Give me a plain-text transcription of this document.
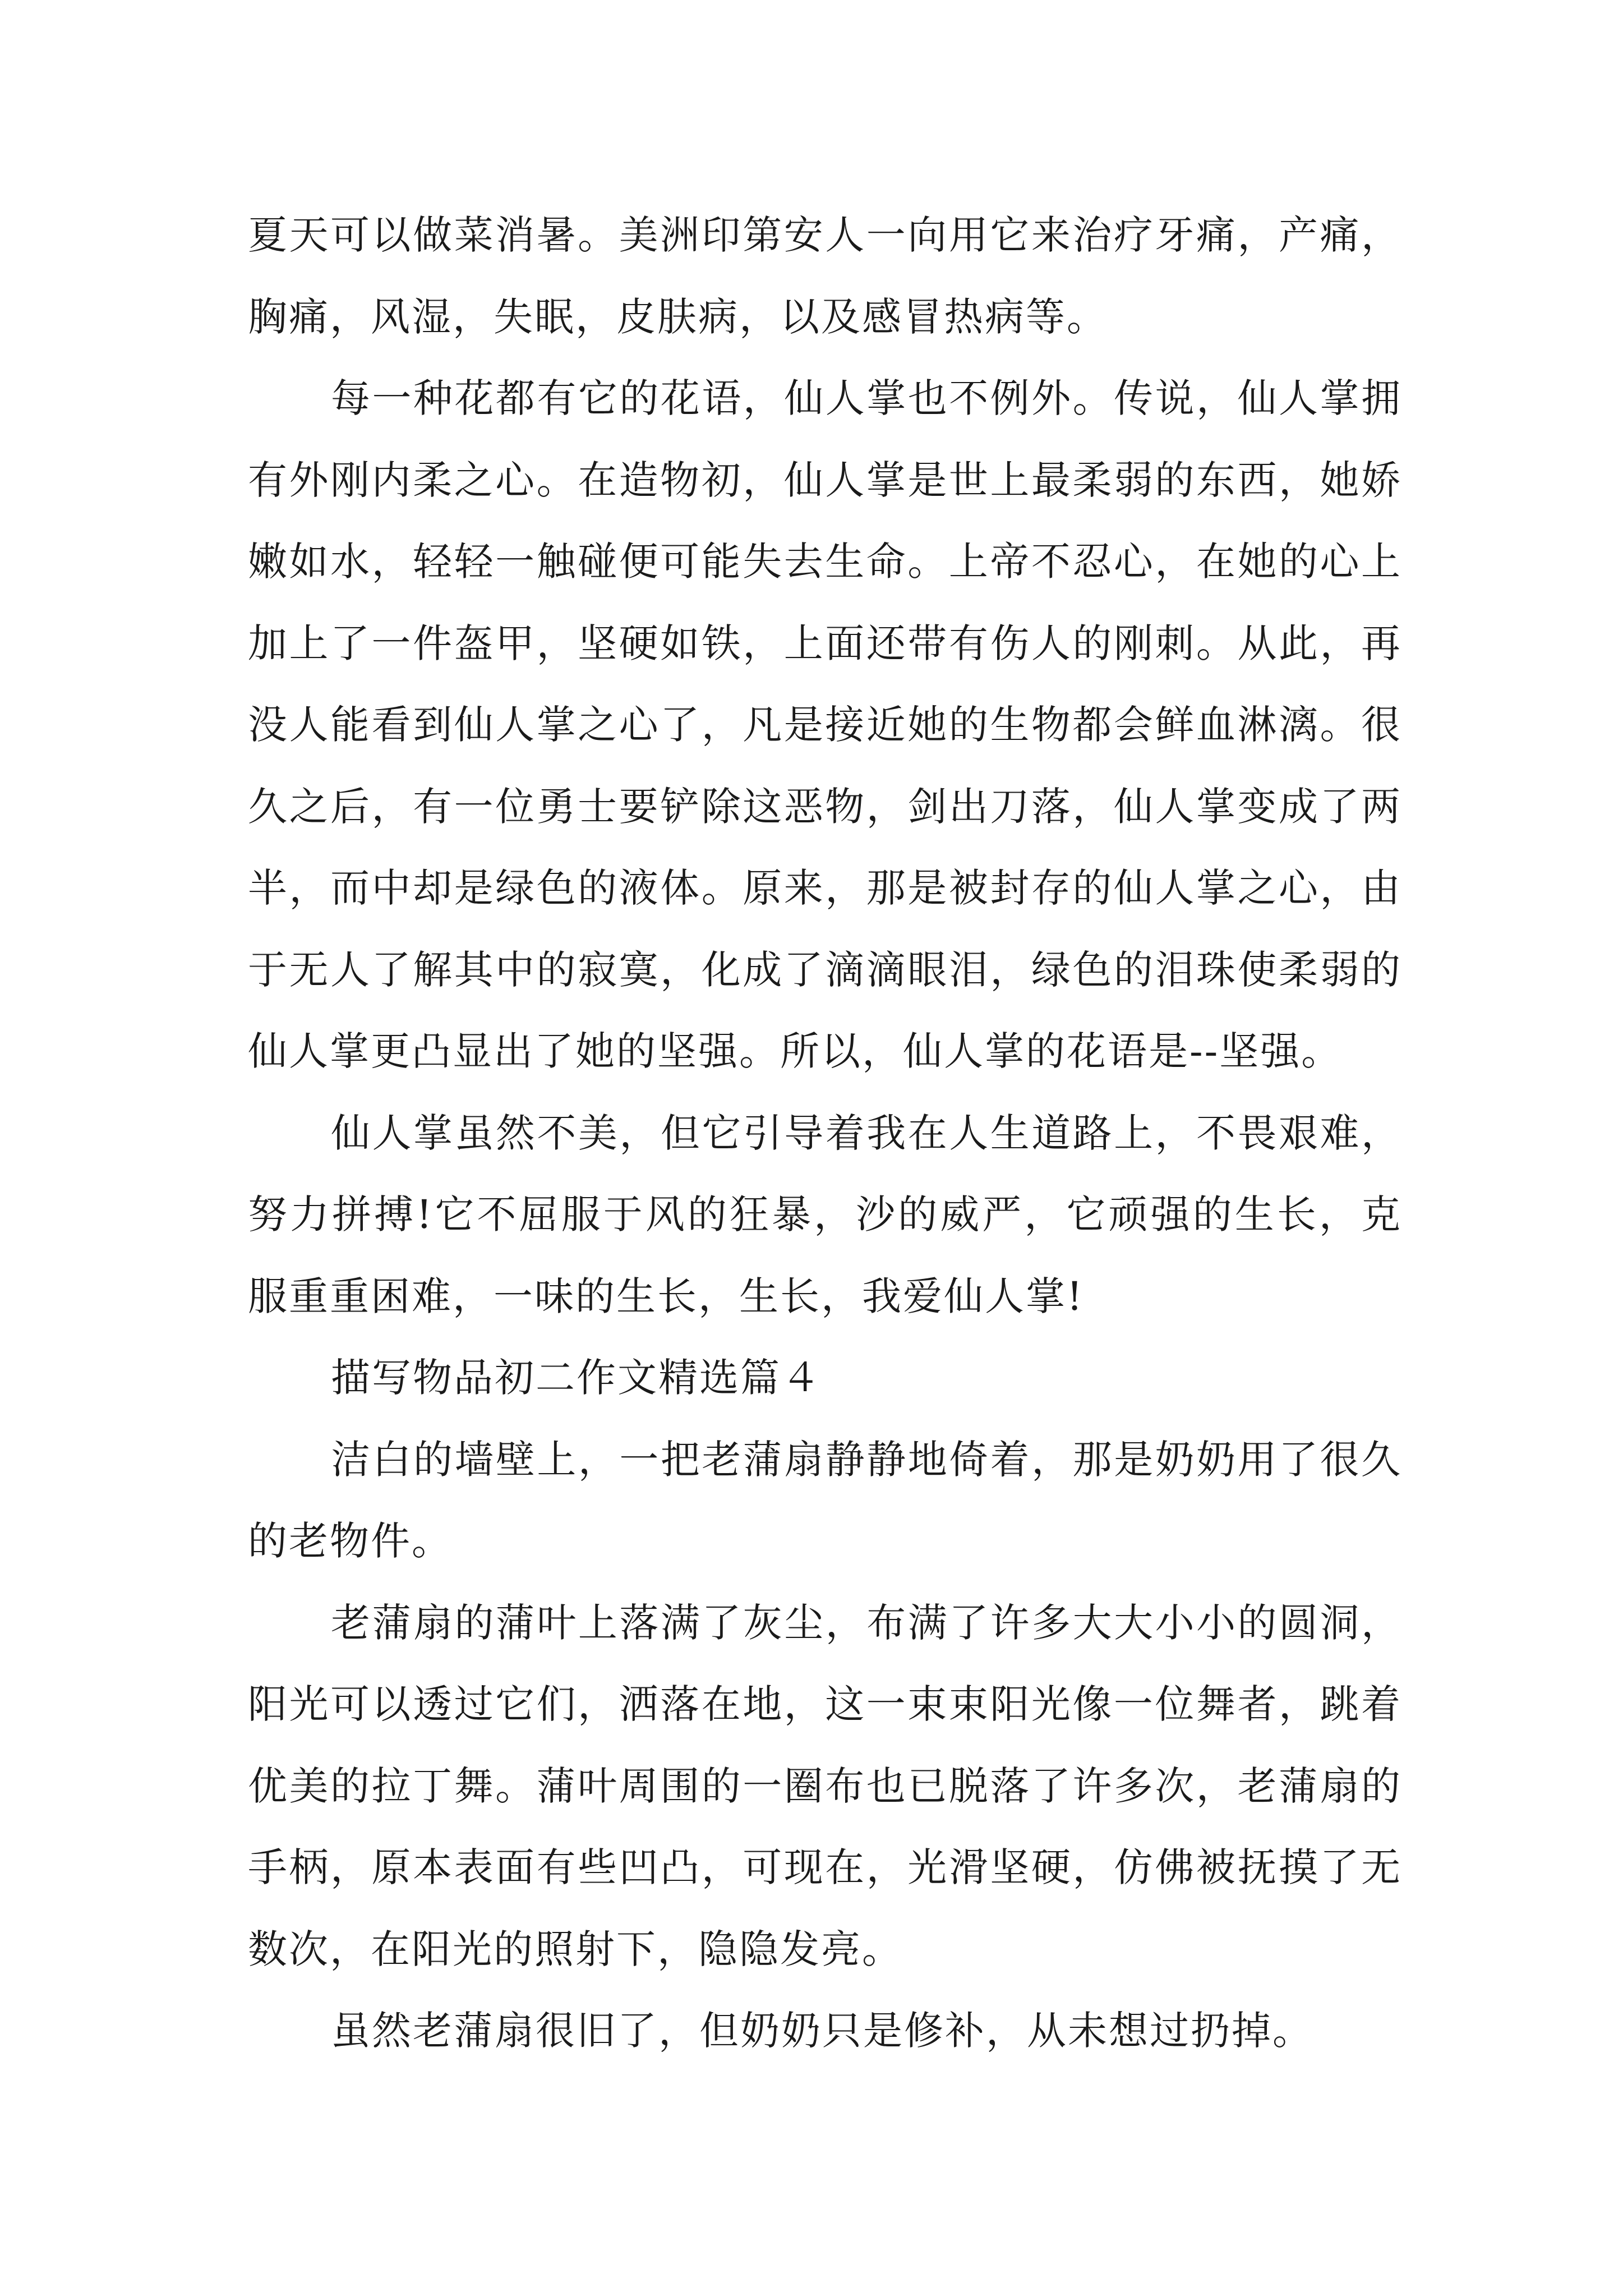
夏天可以做菜消暑。美洲印第安人一向用它来治疗牙痛，产痛，胸痛，风湿，失眠，皮肤病，以及感冒热病等。

每一种花都有它的花语，仙人掌也不例外。传说，仙人掌拥有外刚内柔之心。在造物初，仙人掌是世上最柔弱的东西，她娇嫩如水，轻轻一触碰便可能失去生命。上帝不忍心，在她的心上加上了一件盔甲，坚硬如铁，上面还带有伤人的刚刺。从此，再没人能看到仙人掌之心了，凡是接近她的生物都会鲜血淋漓。很久之后，有一位勇士要铲除这恶物，剑出刀落，仙人掌变成了两半，而中却是绿色的液体。原来，那是被封存的仙人掌之心，由于无人了解其中的寂寞，化成了滴滴眼泪，绿色的泪珠使柔弱的仙人掌更凸显出了她的坚强。所以，仙人掌的花语是--坚强。

仙人掌虽然不美，但它引导着我在人生道路上，不畏艰难，努力拼搏!它不屈服于风的狂暴，沙的威严，它顽强的生长，克服重重困难，一味的生长，生长，我爱仙人掌!

描写物品初二作文精选篇４

洁白的墙壁上，一把老蒲扇静静地倚着，那是奶奶用了很久的老物件。

老蒲扇的蒲叶上落满了灰尘，布满了许多大大小小的圆洞，阳光可以透过它们，洒落在地，这一束束阳光像一位舞者，跳着优美的拉丁舞。蒲叶周围的一圈布也已脱落了许多次，老蒲扇的手柄，原本表面有些凹凸，可现在，光滑坚硬，仿佛被抚摸了无数次，在阳光的照射下，隐隐发亮。

虽然老蒲扇很旧了，但奶奶只是修补，从未想过扔掉。
